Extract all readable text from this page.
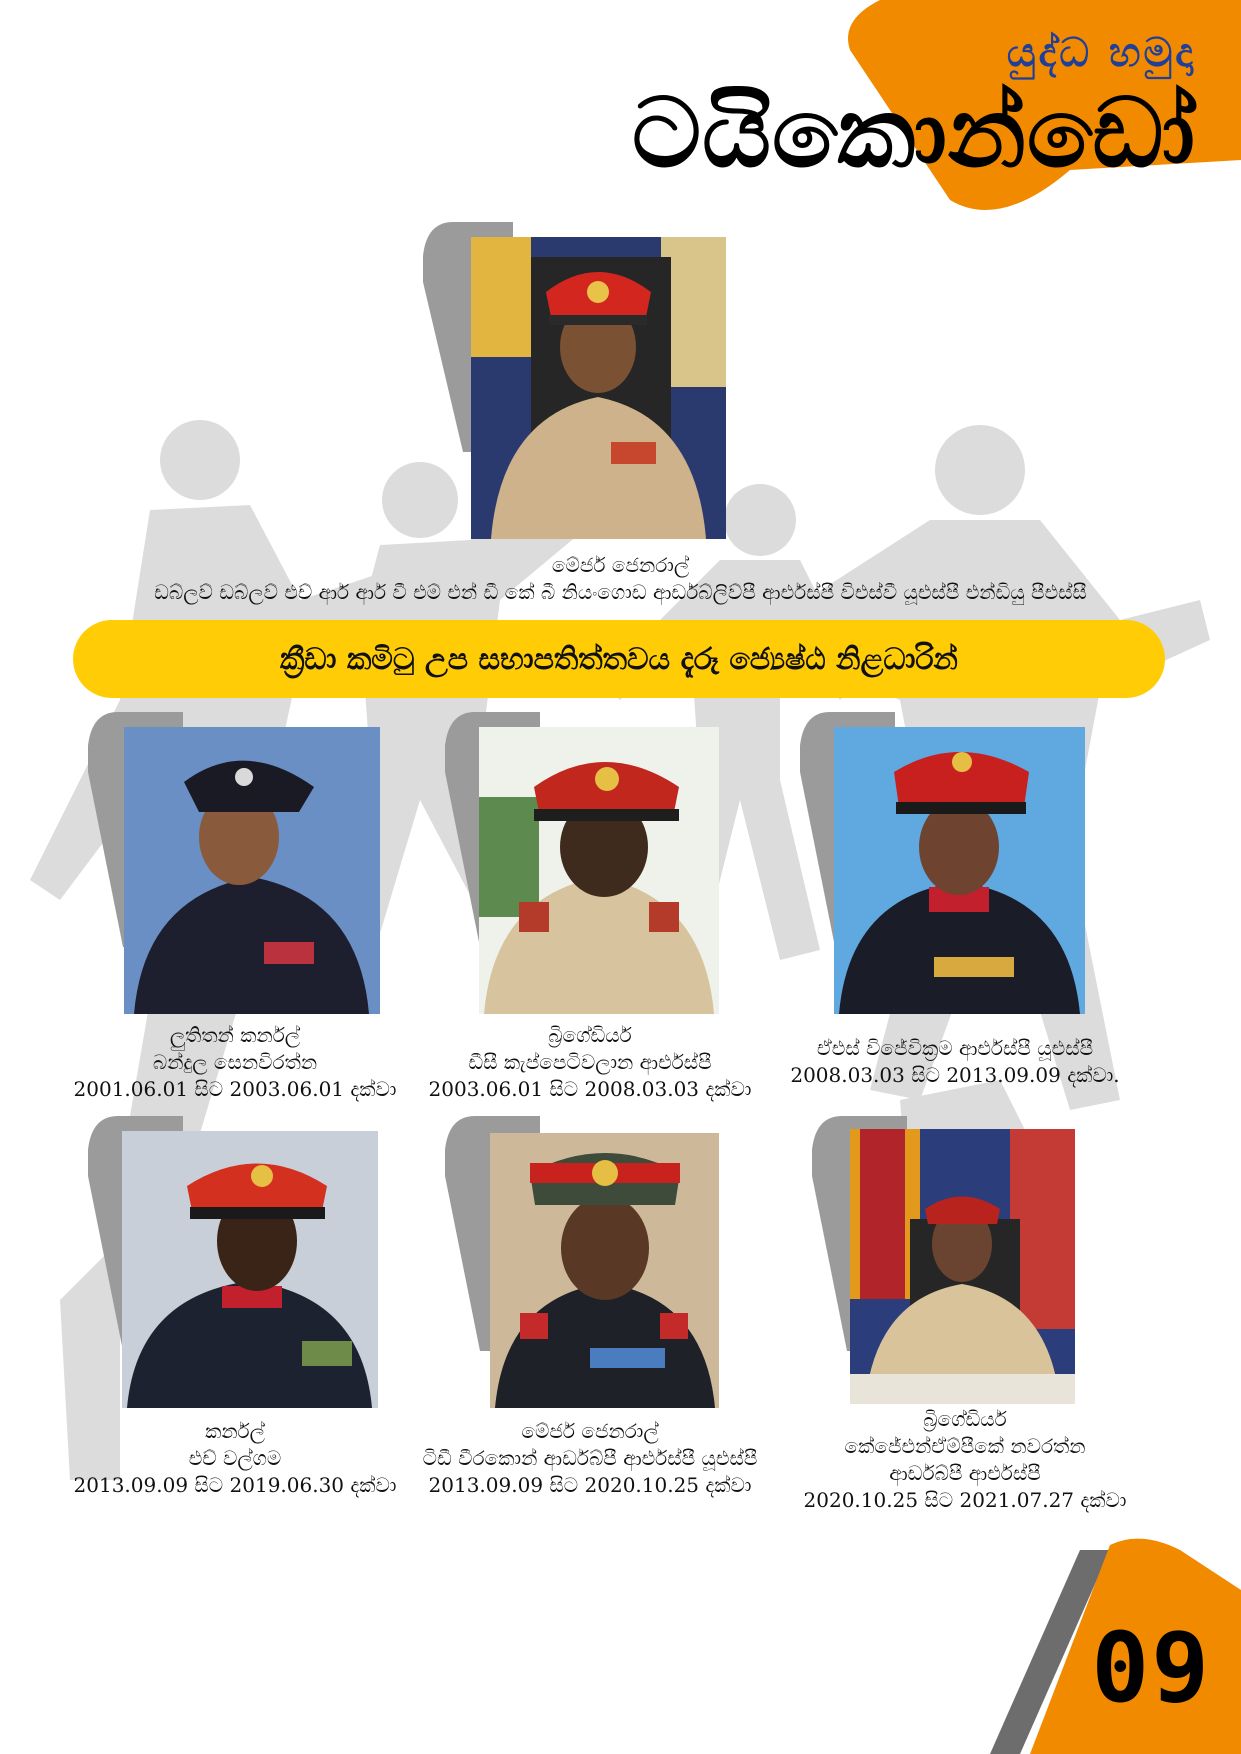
යුද්ධ හමුදා
ටයිකොන්ඩෝ
මේජර් ජෙනරාල්
ඩබ්ලව් ඩබ්ලව් එච් ආර් ආර් වී එම් එන් ඩී කේ බී නියංගොඩ ආර්ඩබ්ලිව්පී ආර්එස්පී විඑස්වී යූඑස්පී එන්ඩියු පීඑස්සී
ක්‍රීඩා කමිටු උප සභාපතිත්තවය දැරූ ජ්‍යෙෂ්ඨ නිළධාරින්
ලුතිතන් කර්නල්
බන්දුල සෙනවිරත්න
2001.06.01 සිට 2003.06.01 දක්වා
බ්‍රිගේඩියර්
ඩීසී කැප්පෙටිවලාන ආර්එස්පී
2003.06.01 සිට 2008.03.03 දක්වා
ඒඑස් විජේවික්‍රම ආර්එස්පී යූඑස්පී
2008.03.03 සිට 2013.09.09 දක්වා.
කර්නල්
එච් වල්ගම
2013.09.09 සිට 2019.06.30 දක්වා
මේජර් ජෙනරාල්
ටිඩී වීරකොන් ආර්ඩබ්පී ආර්එස්පී යූඑස්පී
2013.09.09 සිට 2020.10.25 දක්වා
බ්‍රිගේඩියර්
කේජේඑන්ඒම්පීකේ නවරත්න
ආර්ඩබ්පී ආර්එස්පී
2020.10.25 සිට 2021.07.27 දක්වා
09
